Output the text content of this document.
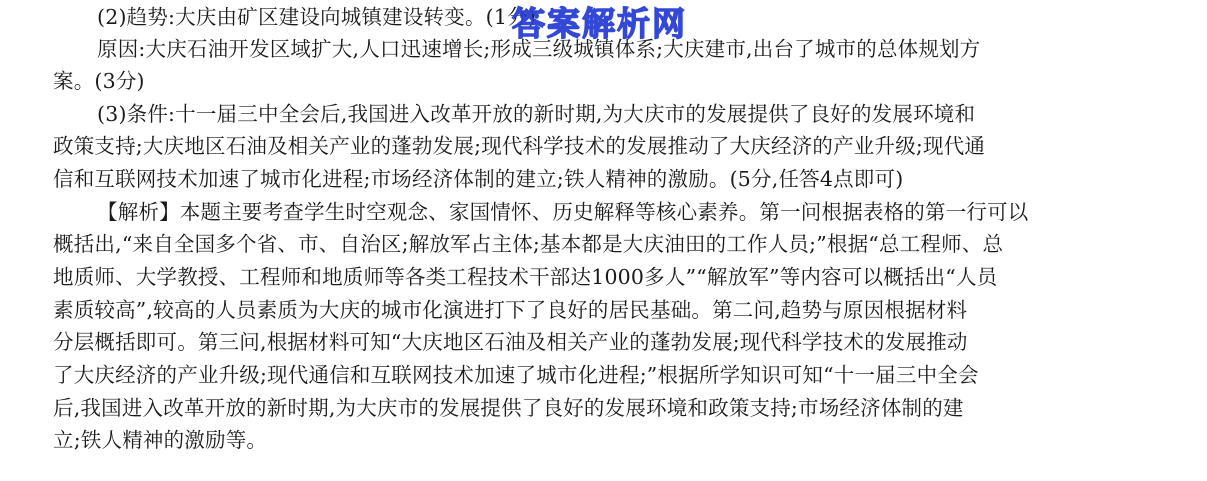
(2)趋势:大庆由矿区建设向城镇建设转变。(1分)
原因:大庆石油开发区域扩大,人口迅速增长;形成三级城镇体系;大庆建市,出台了城市的总体规划方
案。(3分)
(3)条件:十一届三中全会后,我国进入改革开放的新时期,为大庆市的发展提供了良好的发展环境和
政策支持;大庆地区石油及相关产业的蓬勃发展;现代科学技术的发展推动了大庆经济的产业升级;现代通
信和互联网技术加速了城市化进程;市场经济体制的建立;铁人精神的激励。(5分,任答4点即可)
【解析】本题主要考查学生时空观念、家国情怀、历史解释等核心素养。第一问根据表格的第一行可以
概括出,“来自全国多个省、市、自治区;解放军占主体;基本都是大庆油田的工作人员;”根据“总工程师、总
地质师、大学教授、工程师和地质师等各类工程技术干部达1000多人”“解放军”等内容可以概括出“人员
素质较高”,较高的人员素质为大庆的城市化演进打下了良好的居民基础。第二问,趋势与原因根据材料
分层概括即可。第三问,根据材料可知“大庆地区石油及相关产业的蓬勃发展;现代科学技术的发展推动
了大庆经济的产业升级;现代通信和互联网技术加速了城市化进程;”根据所学知识可知“十一届三中全会
后,我国进入改革开放的新时期,为大庆市的发展提供了良好的发展环境和政策支持;市场经济体制的建
立;铁人精神的激励等。
答案解析网
